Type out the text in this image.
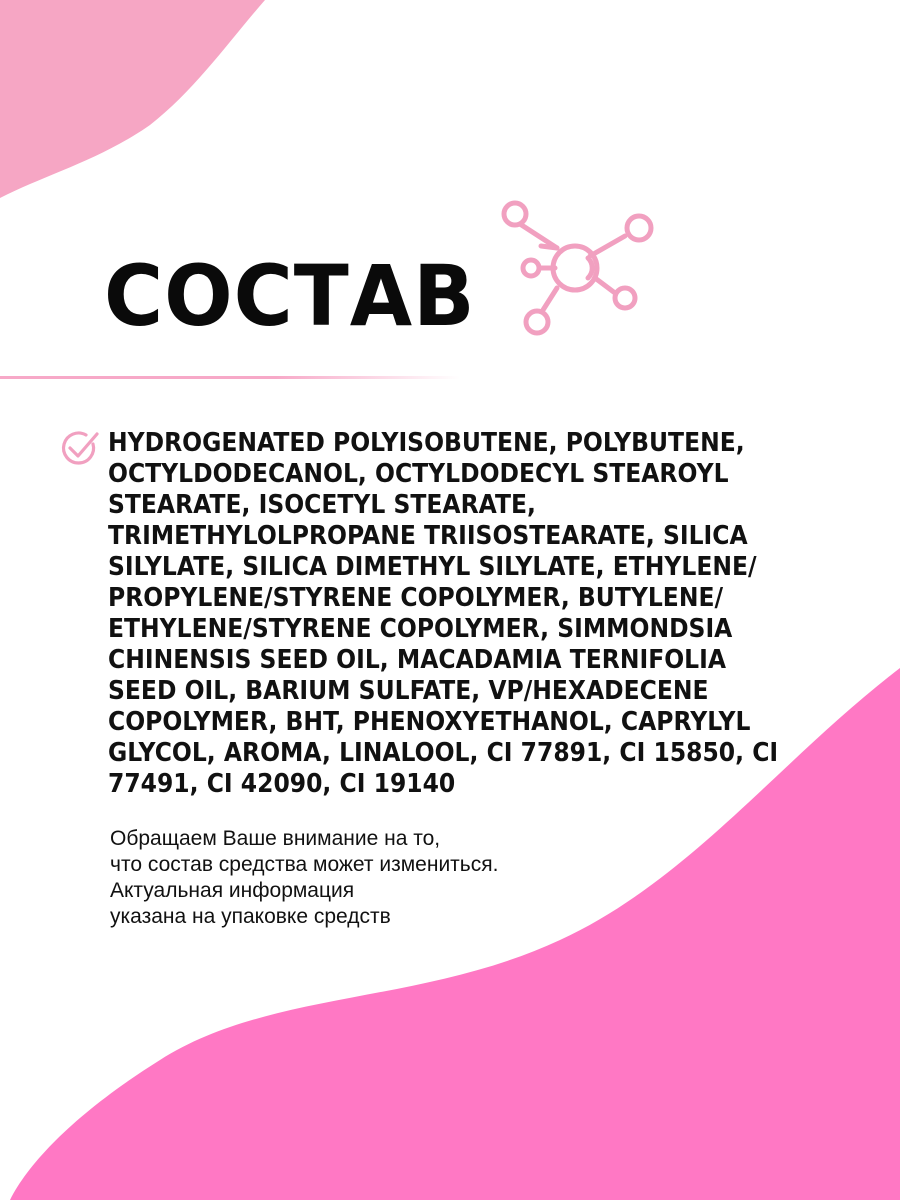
СОСТАВ

HYDROGENATED POLYISOBUTENE, POLYBUTENE, OCTYLDODECANOL, OCTYLDODECYL STEAROYL STEARATE, ISOCETYL STEARATE, TRIMETHYLOLPROPANE TRIISOSTEARATE, SILICA SILYLATE, SILICA DIMETHYL SILYLATE, ETHYLENE/ PROPYLENE/STYRENE COPOLYMER, BUTYLENE/ ETHYLENE/STYRENE COPOLYMER, SIMMONDSIA CHINENSIS SEED OIL, MACADAMIA TERNIFOLIA SEED OIL, BARIUM SULFATE, VP/HEXADECENE COPOLYMER, BHT, PHENOXYETHANOL, CAPRYLYL GLYCOL, AROMA, LINALOOL, CI 77891, CI 15850, CI 77491, CI 42090, CI 19140

Обращаем Ваше внимание на то,
что состав средства может измениться.
Актуальная информация
указана на упаковке средств
